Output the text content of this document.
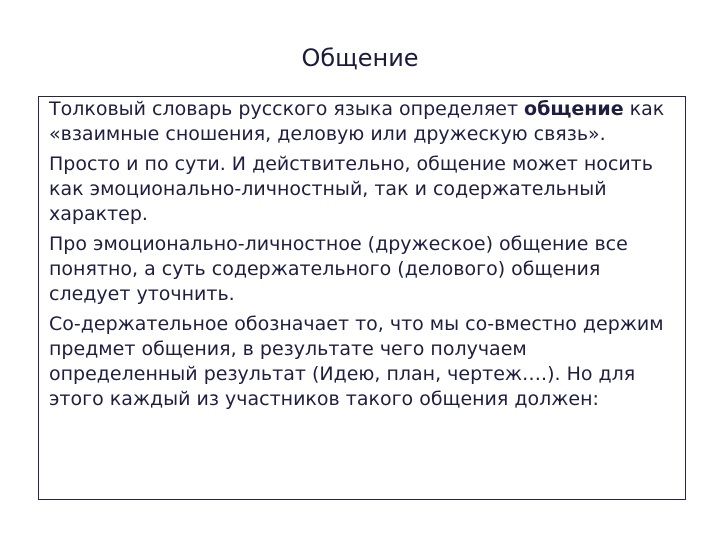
Общение

Толковый словарь русского языка определяет общение как «взаимные сношения, деловую или дружескую связь».

Просто и по сути. И действительно, общение может носить как эмоционально-личностный, так и содержательный характер.

Про эмоционально-личностное (дружеское) общение все понятно, а суть содержательного (делового) общения следует уточнить.

Со-держательное обозначает то, что мы со-вместно держим предмет общения, в результате чего получаем определенный результат (Идею, план, чертеж….). Но для этого каждый из участников такого общения должен:
